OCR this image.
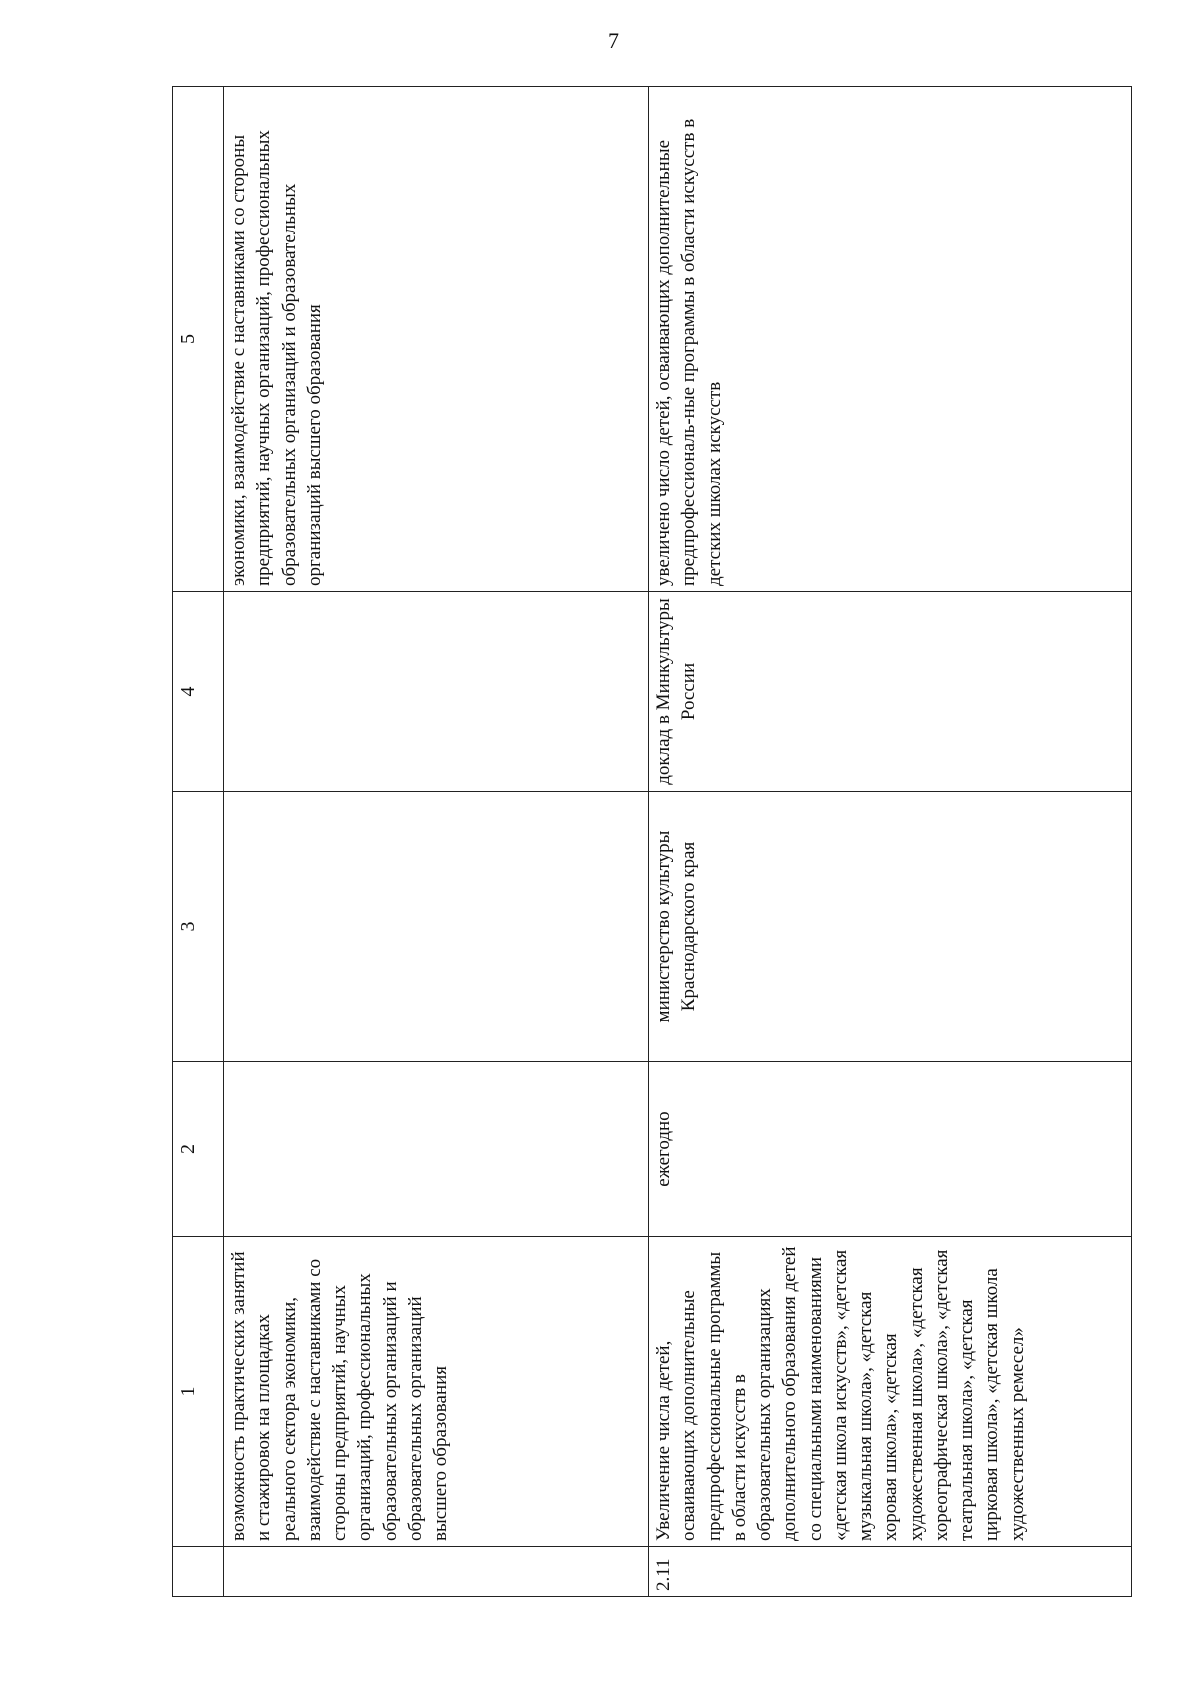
7
	1	2	3	4	5
	возможность практических занятий и стажировок на площадках реального сектора экономики, взаимодействие с наставниками со стороны предприятий, научных организаций, профессиональных образовательных организаций и образовательных организаций высшего образования				экономики, взаимодействие с наставниками со стороны предприятий, научных организаций, профессиональных образовательных организаций и образовательных организаций высшего образования
2.11	Увеличение числа детей, осваивающих дополнительные предпрофессиональные программы в области искусств в образовательных организациях дополнительного образования детей со специальными наименованиями «детская школа искусств», «детская музыкальная школа», «детская хоровая школа», «детская художественная школа», «детская хореографическая школа», «детская театральная школа», «детская цирковая школа», «детская школа художественных ремесел»	ежегодно	министерство культуры Краснодарского края	доклад в Минкультуры России	увеличено число детей, осваивающих дополнительные предпрофессиональ-ные программы в области искусств в детских школах искусств
